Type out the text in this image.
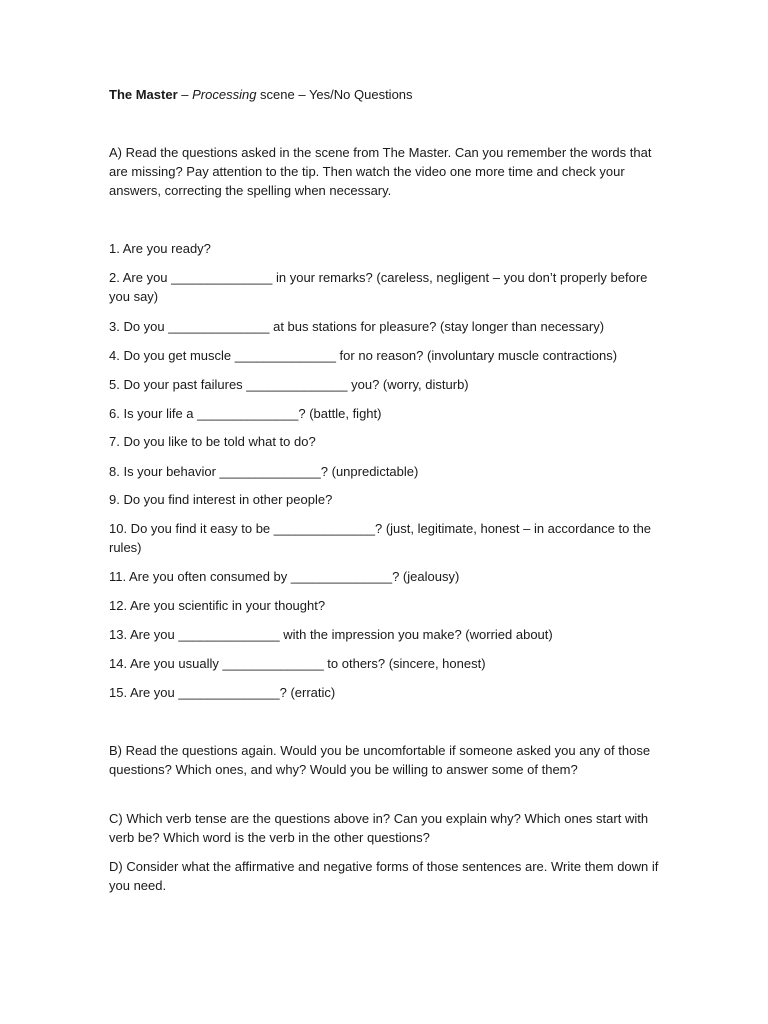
The Master – Processing scene – Yes/No Questions
A) Read the questions asked in the scene from The Master. Can you remember the words that are missing? Pay attention to the tip. Then watch the video one more time and check your answers, correcting the spelling when necessary.
1. Are you ready?
2. Are you ______________ in your remarks? (careless, negligent – you don’t properly before you say)
3. Do you ______________ at bus stations for pleasure? (stay longer than necessary)
4. Do you get muscle ______________ for no reason? (involuntary muscle contractions)
5. Do your past failures ______________ you? (worry, disturb)
6. Is your life a ______________? (battle, fight)
7. Do you like to be told what to do?
8. Is your behavior ______________? (unpredictable)
9. Do you find interest in other people?
10. Do you find it easy to be ______________? (just, legitimate, honest – in accordance to the rules)
11. Are you often consumed by ______________? (jealousy)
12. Are you scientific in your thought?
13. Are you ______________ with the impression you make? (worried about)
14. Are you usually ______________ to others? (sincere, honest)
15. Are you ______________? (erratic)
B) Read the questions again. Would you be uncomfortable if someone asked you any of those questions? Which ones, and why? Would you be willing to answer some of them?
C) Which verb tense are the questions above in? Can you explain why? Which ones start with verb be? Which word is the verb in the other questions?
D) Consider what the affirmative and negative forms of those sentences are. Write them down if you need.
